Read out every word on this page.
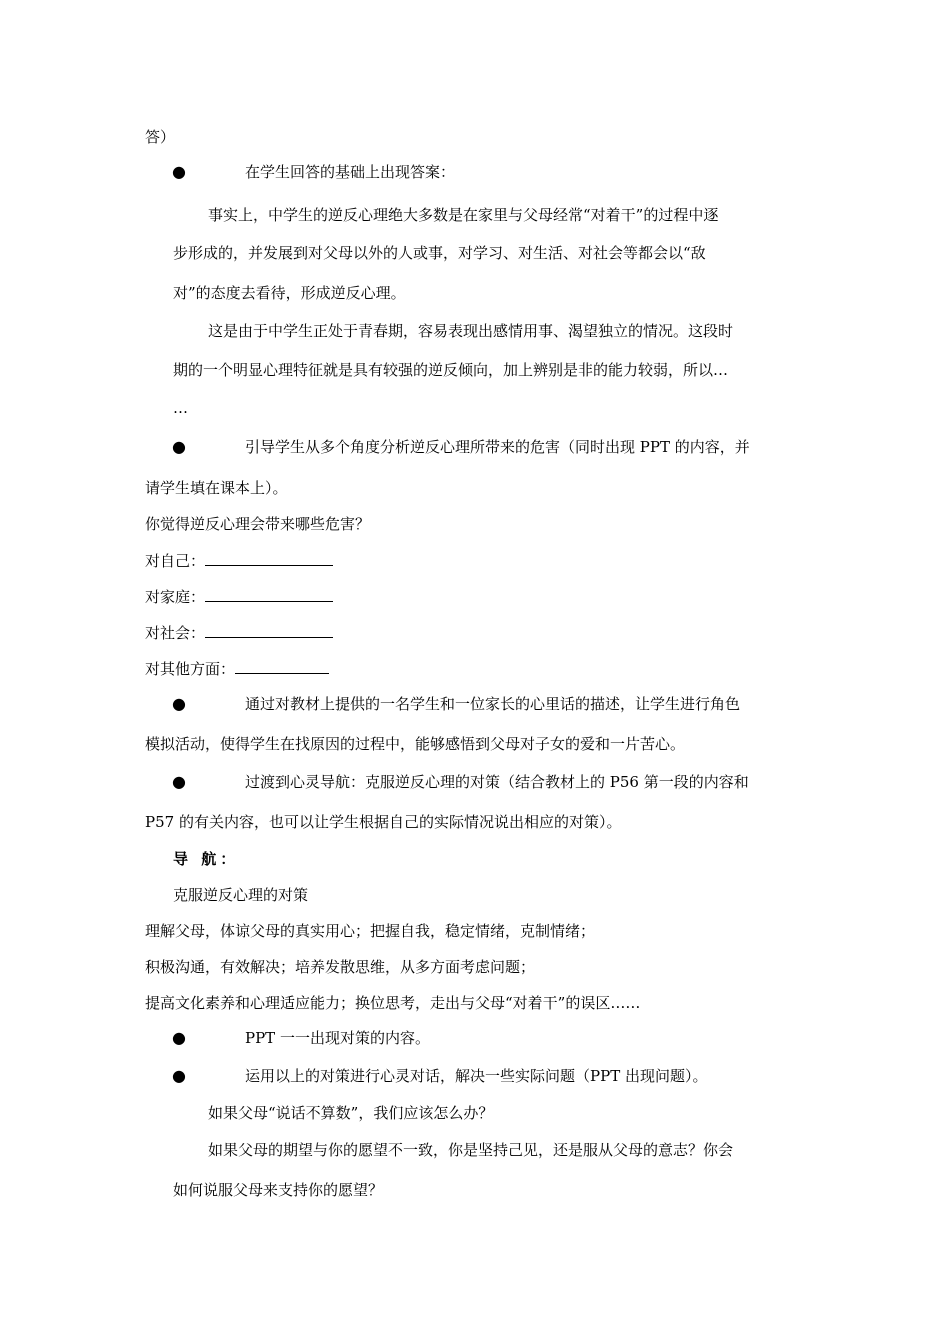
答）
●	在学生回答的基础上出现答案：
事实上，中学生的逆反心理绝大多数是在家里与父母经常“对着干”的过程中逐
步形成的，并发展到对父母以外的人或事，对学习、对生活、对社会等都会以“敌
对”的态度去看待，形成逆反心理。
这是由于中学生正处于青春期，容易表现出感情用事、渴望独立的情况。这段时
期的一个明显心理特征就是具有较强的逆反倾向，加上辨别是非的能力较弱，所以…
…
●	引导学生从多个角度分析逆反心理所带来的危害（同时出现 PPT 的内容，并
请学生填在课本上）。
你觉得逆反心理会带来哪些危害？
对自己：
对家庭：
对社会：
对其他方面：
●	通过对教材上提供的一名学生和一位家长的心里话的描述，让学生进行角色
模拟活动，使得学生在找原因的过程中，能够感悟到父母对子女的爱和一片苦心。
●	过渡到心灵导航：克服逆反心理的对策（结合教材上的 P56 第一段的内容和
P57 的有关内容，也可以让学生根据自己的实际情况说出相应的对策）。
导 航：
克服逆反心理的对策
理解父母，体谅父母的真实用心；把握自我，稳定情绪，克制情绪；
积极沟通，有效解决；培养发散思维，从多方面考虑问题；
提高文化素养和心理适应能力；换位思考，走出与父母“对着干”的误区……
●	PPT 一一出现对策的内容。
●	运用以上的对策进行心灵对话，解决一些实际问题（PPT 出现问题）。
如果父母“说话不算数”，我们应该怎么办？
如果父母的期望与你的愿望不一致，你是坚持己见，还是服从父母的意志？你会
如何说服父母来支持你的愿望？
